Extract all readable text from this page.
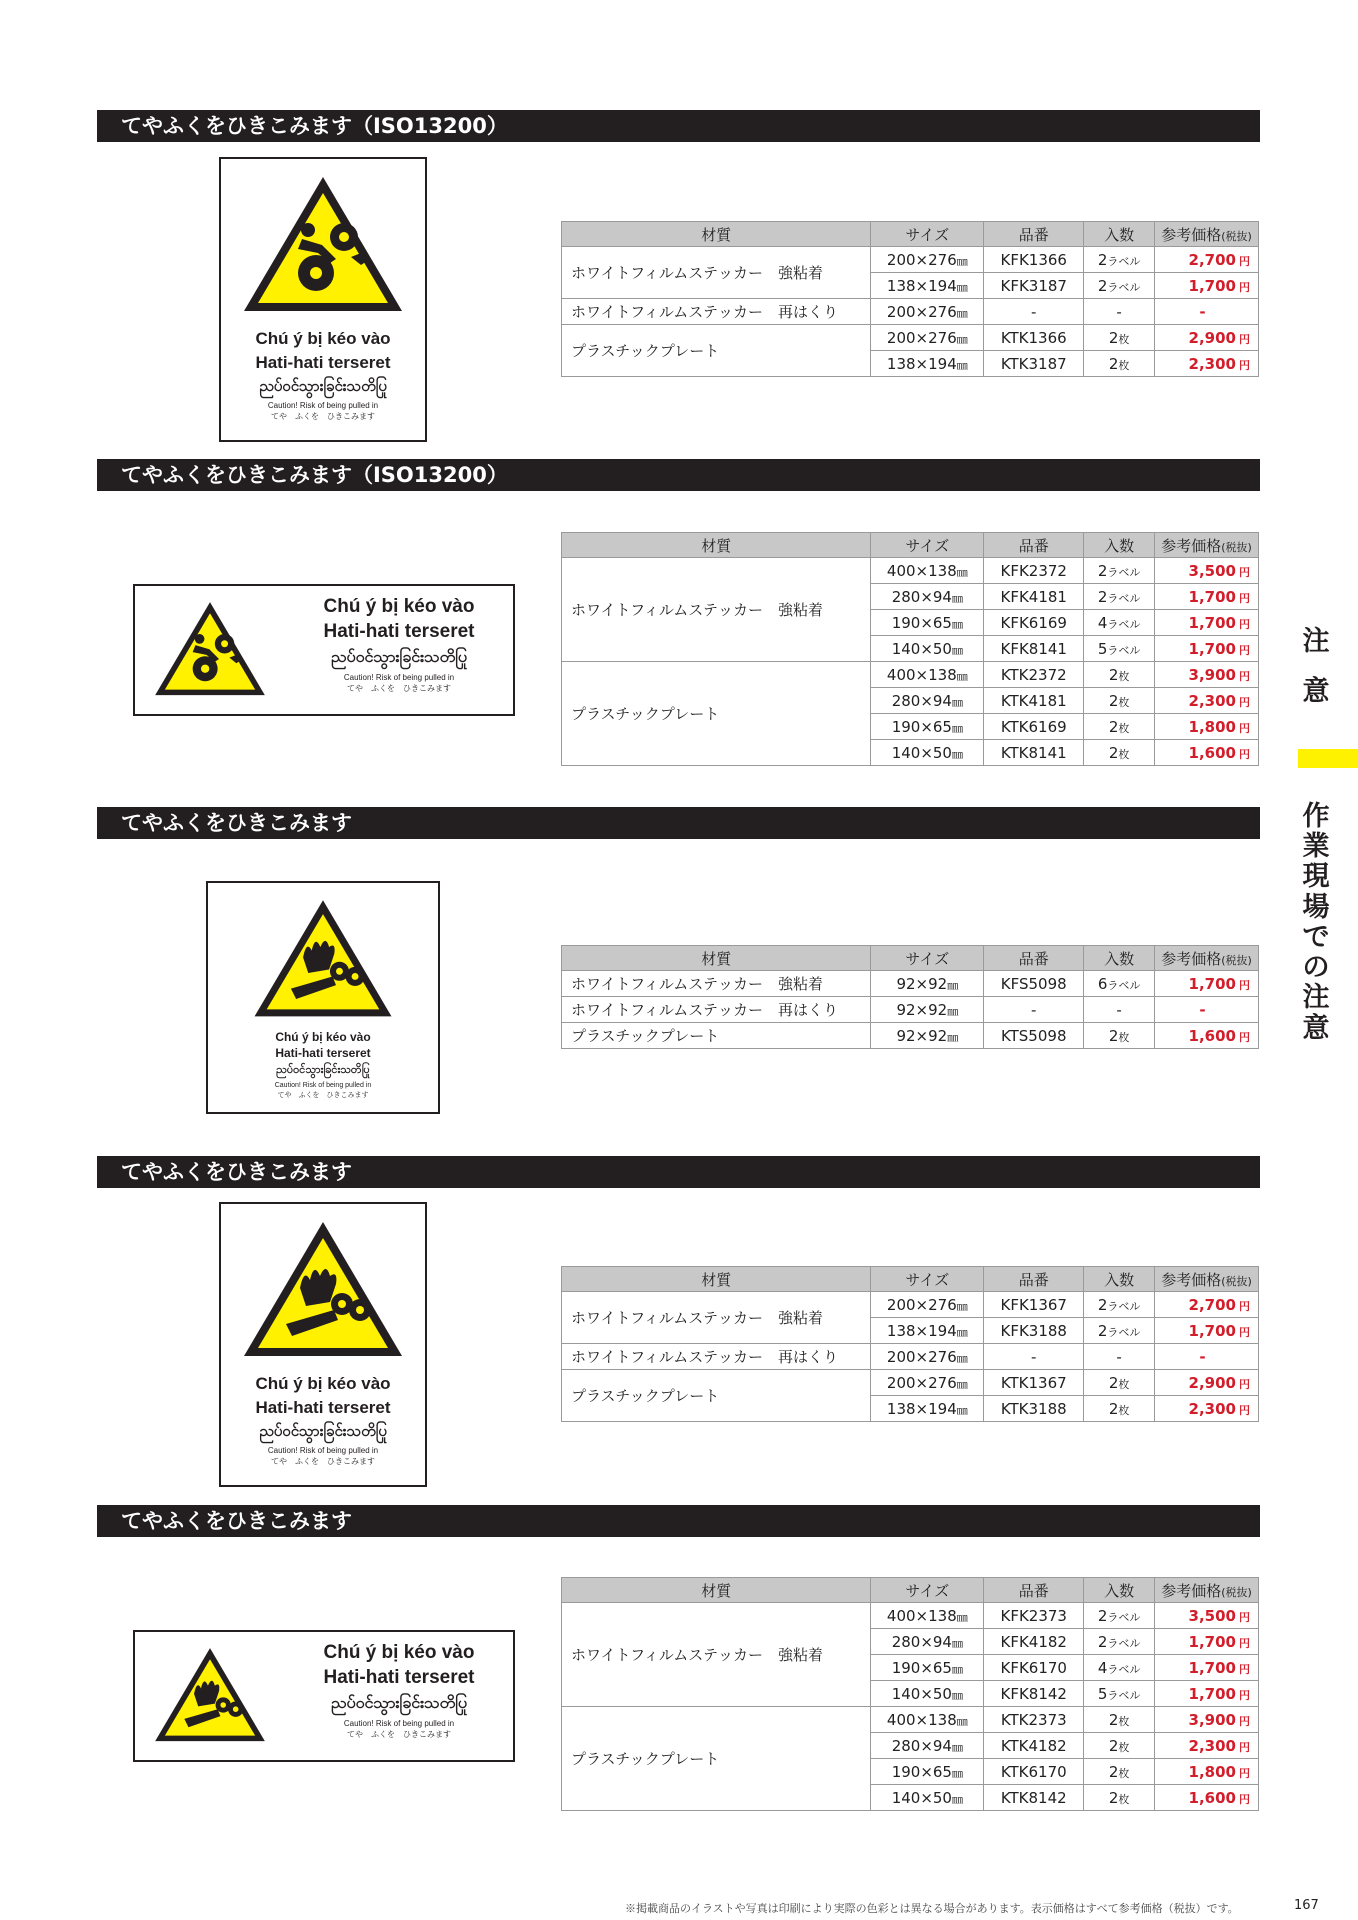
てやふくをひきこみます（ISO13200）
Chú ý bị kéo vào
Hati-hati terseret
ညပ်ဝင်သွားခြင်းသတိပြု
Caution! Risk of being pulled in
てや　ふくを　ひきこみます
材質	サイズ	品番	入数	参考価格(税抜)
ホワイトフィルムステッカー　強粘着	200×276㎜	KFK1366	2ラベル	2,700 円
	138×194㎜	KFK3187	2ラベル	1,700 円
ホワイトフィルムステッカー　再はくり	200×276㎜	-	-	-
プラスチックプレート	200×276㎜	KTK1366	2枚	2,900 円
	138×194㎜	KTK3187	2枚	2,300 円
てやふくをひきこみます（ISO13200）
Chú ý bị kéo vào
Hati-hati terseret
ညပ်ဝင်သွားခြင်းသတိပြု
Caution! Risk of being pulled in
てや　ふくを　ひきこみます
材質	サイズ	品番	入数	参考価格(税抜)
ホワイトフィルムステッカー　強粘着	400×138㎜	KFK2372	2ラベル	3,500 円
	280×94㎜	KFK4181	2ラベル	1,700 円
	190×65㎜	KFK6169	4ラベル	1,700 円
	140×50㎜	KFK8141	5ラベル	1,700 円
プラスチックプレート	400×138㎜	KTK2372	2枚	3,900 円
	280×94㎜	KTK4181	2枚	2,300 円
	190×65㎜	KTK6169	2枚	1,800 円
	140×50㎜	KTK8141	2枚	1,600 円
てやふくをひきこみます
Chú ý bị kéo vào
Hati-hati terseret
ညပ်ဝင်သွားခြင်းသတိပြု
Caution! Risk of being pulled in
てや　ふくを　ひきこみます
材質	サイズ	品番	入数	参考価格(税抜)
ホワイトフィルムステッカー　強粘着	92×92㎜	KFS5098	6ラベル	1,700 円
ホワイトフィルムステッカー　再はくり	92×92㎜	-	-	-
プラスチックプレート	92×92㎜	KTS5098	2枚	1,600 円
てやふくをひきこみます
Chú ý bị kéo vào
Hati-hati terseret
ညပ်ဝင်သွားခြင်းသတိပြု
Caution! Risk of being pulled in
てや　ふくを　ひきこみます
材質	サイズ	品番	入数	参考価格(税抜)
ホワイトフィルムステッカー　強粘着	200×276㎜	KFK1367	2ラベル	2,700 円
	138×194㎜	KFK3188	2ラベル	1,700 円
ホワイトフィルムステッカー　再はくり	200×276㎜	-	-	-
プラスチックプレート	200×276㎜	KTK1367	2枚	2,900 円
	138×194㎜	KTK3188	2枚	2,300 円
てやふくをひきこみます
Chú ý bị kéo vào
Hati-hati terseret
ညပ်ဝင်သွားခြင်းသတိပြု
Caution! Risk of being pulled in
てや　ふくを　ひきこみます
材質	サイズ	品番	入数	参考価格(税抜)
ホワイトフィルムステッカー　強粘着	400×138㎜	KFK2373	2ラベル	3,500 円
	280×94㎜	KFK4182	2ラベル	1,700 円
	190×65㎜	KFK6170	4ラベル	1,700 円
	140×50㎜	KFK8142	5ラベル	1,700 円
プラスチックプレート	400×138㎜	KTK2373	2枚	3,900 円
	280×94㎜	KTK4182	2枚	2,300 円
	190×65㎜	KTK6170	2枚	1,800 円
	140×50㎜	KTK8142	2枚	1,600 円
注
意
作
業
現
場
で
の
注
意
※掲載商品のイラストや写真は印刷により実際の色彩とは異なる場合があります。表示価格はすべて参考価格（税抜）です。	167
